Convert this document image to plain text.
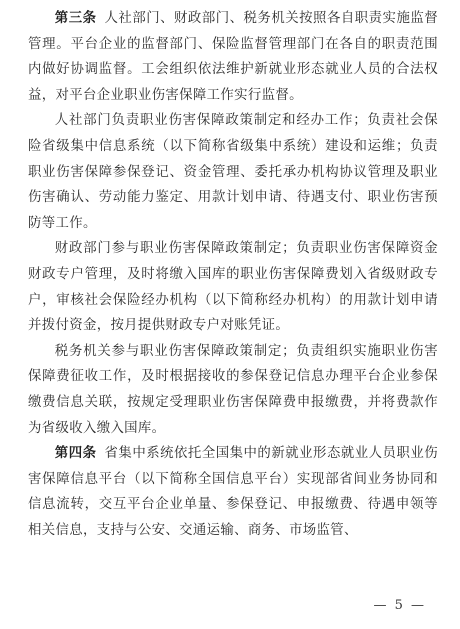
第三条 人社部门、财政部门、税务机关按照各自职责实施监督管理。平台企业的监督部门、保险监督管理部门在各自的职责范围内做好协调监督。工会组织依法维护新就业形态就业人员的合法权益，对平台企业职业伤害保障工作实行监督。

人社部门负责职业伤害保障政策制定和经办工作；负责社会保险省级集中信息系统（以下简称省级集中系统）建设和运维；负责职业伤害保障参保登记、资金管理、委托承办机构协议管理及职业伤害确认、劳动能力鉴定、用款计划申请、待遇支付、职业伤害预防等工作。

财政部门参与职业伤害保障政策制定；负责职业伤害保障资金财政专户管理，及时将缴入国库的职业伤害保障费划入省级财政专户，审核社会保险经办机构（以下简称经办机构）的用款计划申请并拨付资金，按月提供财政专户对账凭证。

税务机关参与职业伤害保障政策制定；负责组织实施职业伤害保障费征收工作，及时根据接收的参保登记信息办理平台企业参保缴费信息关联，按规定受理职业伤害保障费申报缴费，并将费款作为省级收入缴入国库。

第四条 省集中系统依托全国集中的新就业形态就业人员职业伤害保障信息平台（以下简称全国信息平台）实现部省间业务协同和信息流转，交互平台企业单量、参保登记、申报缴费、待遇申领等相关信息，支持与公安、交通运输、商务、市场监管、

— 5 —
